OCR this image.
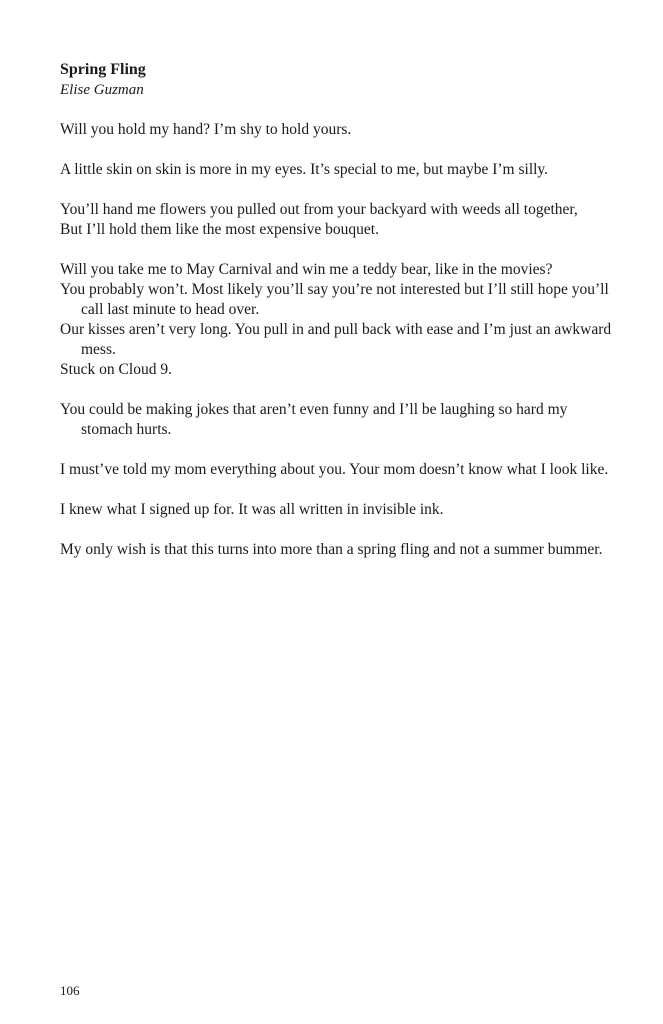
Spring Fling

Elise Guzman

Will you hold my hand? I’m shy to hold yours.

A little skin on skin is more in my eyes. It’s special to me, but maybe I’m silly.

You’ll hand me flowers you pulled out from your backyard with weeds all together,

But I’ll hold them like the most expensive bouquet.

Will you take me to May Carnival and win me a teddy bear, like in the movies?

You probably won’t. Most likely you’ll say you’re not interested but I’ll still hope you’ll call last minute to head over.

Our kisses aren’t very long. You pull in and pull back with ease and I’m just an awkward mess.

Stuck on Cloud 9.

You could be making jokes that aren’t even funny and I’ll be laughing so hard my stomach hurts.

I must’ve told my mom everything about you. Your mom doesn’t know what I look like.

I knew what I signed up for. It was all written in invisible ink.

My only wish is that this turns into more than a spring fling and not a summer bummer.

106
